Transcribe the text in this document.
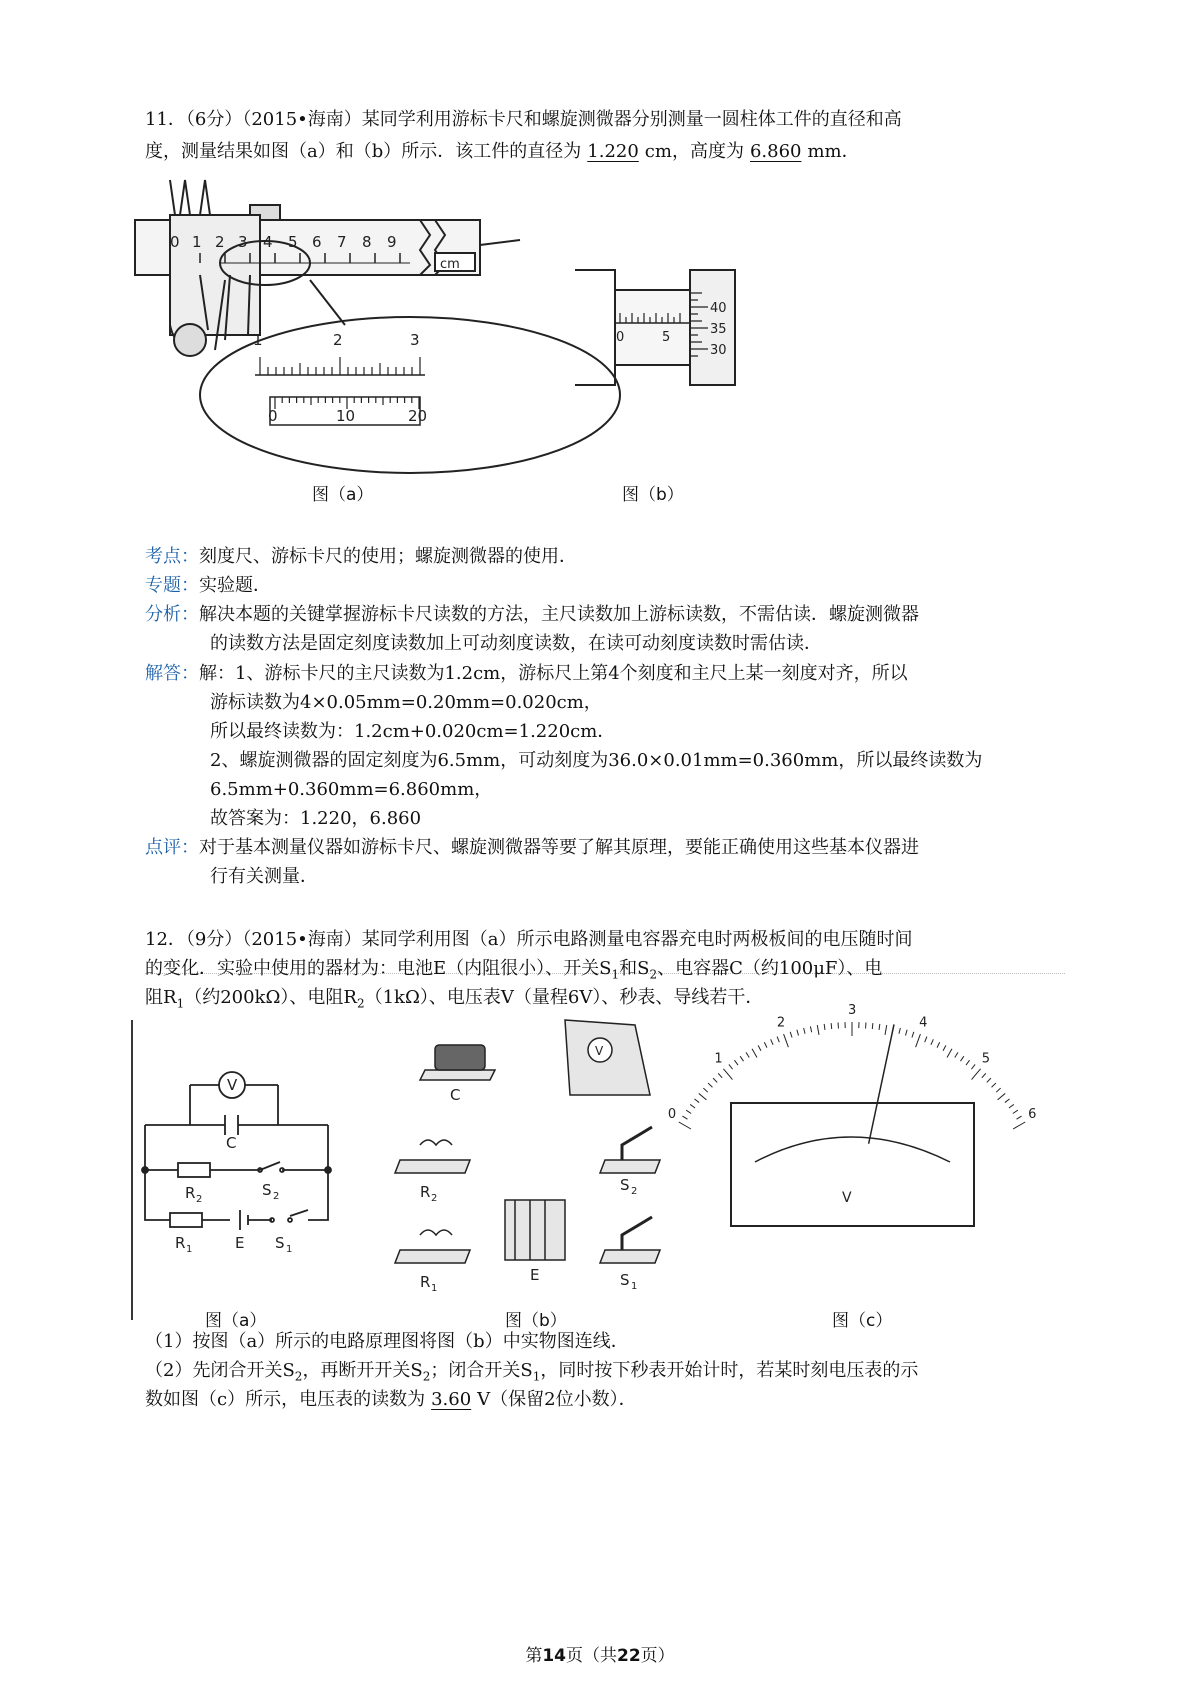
11．（6分）（2015•海南）某同学利用游标卡尺和螺旋测微器分别测量一圆柱体工件的直径和高
度，测量结果如图（a）和（b）所示．该工件的直径为 1.220 cm，高度为 6.860 mm．
0 1 2 3 4 5 6 7 8 9
cm
1	2	3
0	10	20
图（a）
0	5
40
35
30
图（b）
考点：刻度尺、游标卡尺的使用；螺旋测微器的使用．
专题：实验题．
分析：解决本题的关键掌握游标卡尺读数的方法，主尺读数加上游标读数，不需估读．螺旋测微器
的读数方法是固定刻度读数加上可动刻度读数，在读可动刻度读数时需估读．
解答：解：1、游标卡尺的主尺读数为1.2cm，游标尺上第4个刻度和主尺上某一刻度对齐，所以
游标读数为4×0.05mm=0.20mm=0.020cm，
所以最终读数为：1.2cm+0.020cm=1.220cm．
2、螺旋测微器的固定刻度为6.5mm，可动刻度为36.0×0.01mm=0.360mm，所以最终读数为
6.5mm+0.360mm=6.860mm，
故答案为：1.220，6.860
点评：对于基本测量仪器如游标卡尺、螺旋测微器等要了解其原理，要能正确使用这些基本仪器进
行有关测量．
12．（9分）（2015•海南）某同学利用图（a）所示电路测量电容器充电时两极板间的电压随时间
的变化．实验中使用的器材为：电池E（内阻很小）、开关$S_1$和$S_2$、电容器C（约100μF）、电
阻$R_1$（约200kΩ）、电阻$R_2(1k\Omega)$、电压表V（量程6V）、秒表、导线若干．
V
C
R 2
S 2
R 1	E S 1
图（a）
V
C
R 2
S 2
E
R 1	S 1
图（b）
0
1
2
3
4
5
6
V
图（c）
（1）按图（a）所示的电路原理图将图（b）中实物图连线．
（2）先闭合开关$S_2$，再断开开关$S_2$；闭合开关$S_1$，同时按下秒表开始计时，若某时刻电压表的示
数如图（c）所示，电压表的读数为 3.60 V（保留2位小数）．
第14页（共22页）
